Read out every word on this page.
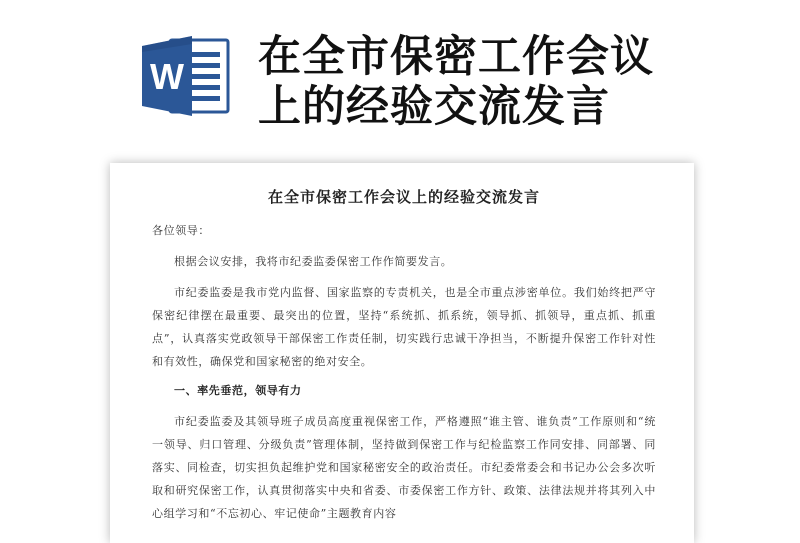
W 在全市保密工作会议
上的经验交流发言
在全市保密工作会议上的经验交流发言

各位领导：

根据会议安排，我将市纪委监委保密工作作简要发言。

市纪委监委是我市党内监督、国家监察的专责机关，也是全市重点涉密单位。我们始终把严守保密纪律摆在最重要、最突出的位置，坚持“系统抓、抓系统，领导抓、抓领导，重点抓、抓重点”，认真落实党政领导干部保密工作责任制，切实践行忠诚干净担当，不断提升保密工作针对性和有效性，确保党和国家秘密的绝对安全。

一、率先垂范，领导有力

市纪委监委及其领导班子成员高度重视保密工作，严格遵照“谁主管、谁负责”工作原则和“统一领导、归口管理、分级负责”管理体制，坚持做到保密工作与纪检监察工作同安排、同部署、同落实、同检查，切实担负起维护党和国家秘密安全的政治责任。市纪委常委会和书记办公会多次听取和研究保密工作，认真贯彻落实中央和省委、市委保密工作方针、政策、法律法规并将其列入中心组学习和“不忘初心、牢记使命”主题教育内容
